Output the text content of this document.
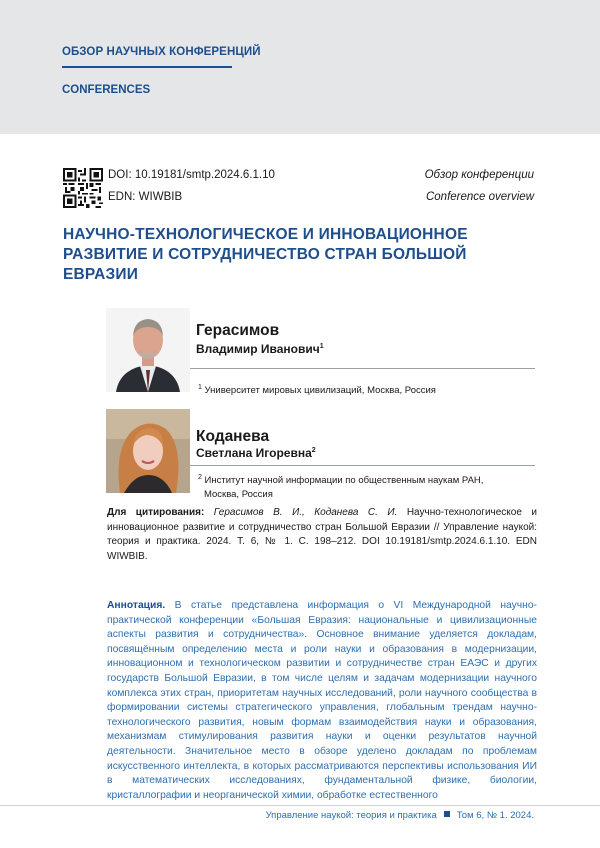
ОБЗОР НАУЧНЫХ КОНФЕРЕНЦИЙ
CONFERENCES
DOI: 10.19181/smtp.2024.6.1.10
EDN: WIWBIB
Обзор конференции
Conference overview
НАУЧНО-ТЕХНОЛОГИЧЕСКОЕ И ИННОВАЦИОННОЕ РАЗВИТИЕ И СОТРУДНИЧЕСТВО СТРАН БОЛЬШОЙ ЕВРАЗИИ
Герасимов
Владимир Иванович$^1$
$^1$ Университет мировых цивилизаций, Москва, Россия
Коданева
Светлана Игоревна$^2$
$^2$ Институт научной информации по общественным наукам РАН,
Москва, Россия
Для цитирования: Герасимов В. И., Коданева С. И. Научно-технологическое и инновационное развитие и сотрудничество стран Большой Евразии // Управление наукой: теория и практика. 2024. Т. 6, № 1. С. 198–212. DOI 10.19181/smtp.2024.6.1.10. EDN WIWBIB.
Аннотация. В статье представлена информация о VI Международной научно-практической конференции «Большая Евразия: национальные и цивилизационные аспекты развития и сотрудничества». Основное внимание уделяется докладам, посвящённым определению места и роли науки и образования в модернизации, инновационном и технологическом развитии и сотрудничестве стран ЕАЭС и других государств Большой Евразии, в том числе целям и задачам модернизации научного комплекса этих стран, приоритетам научных исследований, роли научного сообщества в формировании системы стратегического управления, глобальным трендам научно-технологического развития, новым формам взаимодействия науки и образования, механизмам стимулирования развития науки и оценки результатов научной деятельности. Значительное место в обзоре уделено докладам по проблемам искусственного интеллекта, в которых рассматриваются перспективы использования ИИ в математических исследованиях, фундаментальной физике, биологии, кристаллографии и неорганической химии, обработке естественного
Управление наукой: теория и практика Том 6, № 1. 2024.
